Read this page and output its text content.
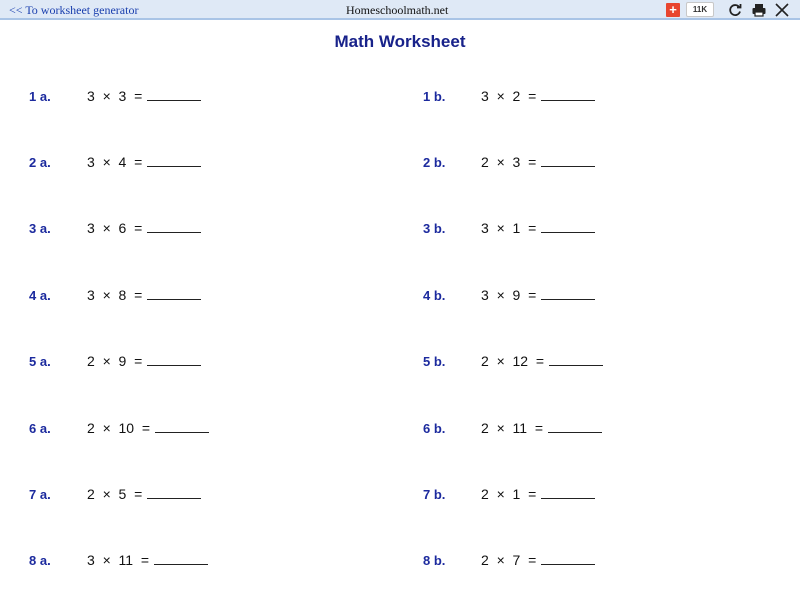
<< To worksheet generator	Homeschoolmath.net	+	11K
Math Worksheet
1 a.	3  ×  3  =
2 a.	3  ×  4  =
3 a.	3  ×  6  =
4 a.	3  ×  8  =
5 a.	2  ×  9  =
6 a.	2  ×  10  =
7 a.	2  ×  5  =
8 a.	3  ×  11  =
1 b.	3  ×  2  =
2 b.	2  ×  3  =
3 b.	3  ×  1  =
4 b.	3  ×  9  =
5 b.	2  ×  12  =
6 b.	2  ×  11  =
7 b.	2  ×  1  =
8 b.	2  ×  7  =
